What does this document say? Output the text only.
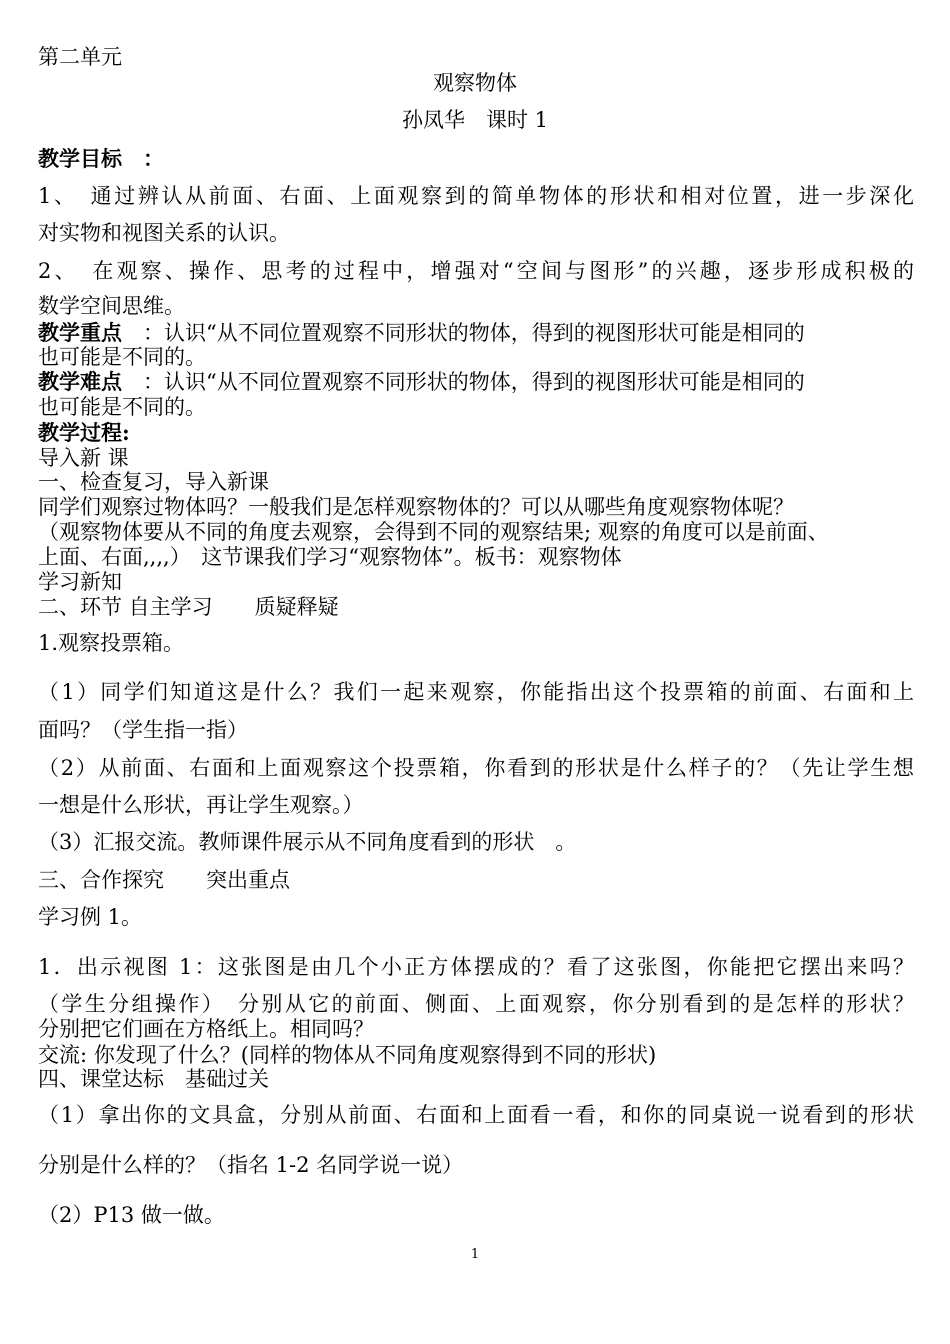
第二单元
观察物体
孙凤华　课时 1
教学目标　：
1、　通过辨认从前面、右面、上面观察到的简单物体的形状和相对位置，进一步深化
对实物和视图关系的认识。
2、　在观察、操作、思考的过程中，增强对“空间与图形”的兴趣，逐步形成积极的
数学空间思维。
教学重点　：认识“从不同位置观察不同形状的物体，得到的视图形状可能是相同的
也可能是不同的。
教学难点　：认识“从不同位置观察不同形状的物体，得到的视图形状可能是相同的
也可能是不同的。
教学过程:
导入新 课
一、检查复习，导入新课
同学们观察过物体吗？一般我们是怎样观察物体的？可以从哪些角度观察物体呢？
（观察物体要从不同的角度去观察，会得到不同的观察结果; 观察的角度可以是前面、
上面、右面,,,,）　这节课我们学习“观察物体”。板书：观察物体
学习新知
二、环节 自主学习　　质疑释疑
1.观察投票箱。
（1）同学们知道这是什么？我们一起来观察，你能指出这个投票箱的前面、右面和上
面吗？（学生指一指）
（2）从前面、右面和上面观察这个投票箱，你看到的形状是什么样子的？（先让学生想
一想是什么形状，再让学生观察。）
（3）汇报交流。教师课件展示从不同角度看到的形状　。
三、合作探究　　突出重点
学习例 1。
1．出示视图 1：这张图是由几个小正方体摆成的？看了这张图，你能把它摆出来吗？
（学生分组操作）　分别从它的前面、侧面、上面观察，你分别看到的是怎样的形状？
分别把它们画在方格纸上。相同吗？
交流: 你发现了什么？(同样的物体从不同角度观察得到不同的形状)
四、课堂达标　基础过关
（1）拿出你的文具盒，分别从前面、右面和上面看一看，和你的同桌说一说看到的形状
分别是什么样的？（指名 1-2 名同学说一说）
（2）P13 做一做。
1
